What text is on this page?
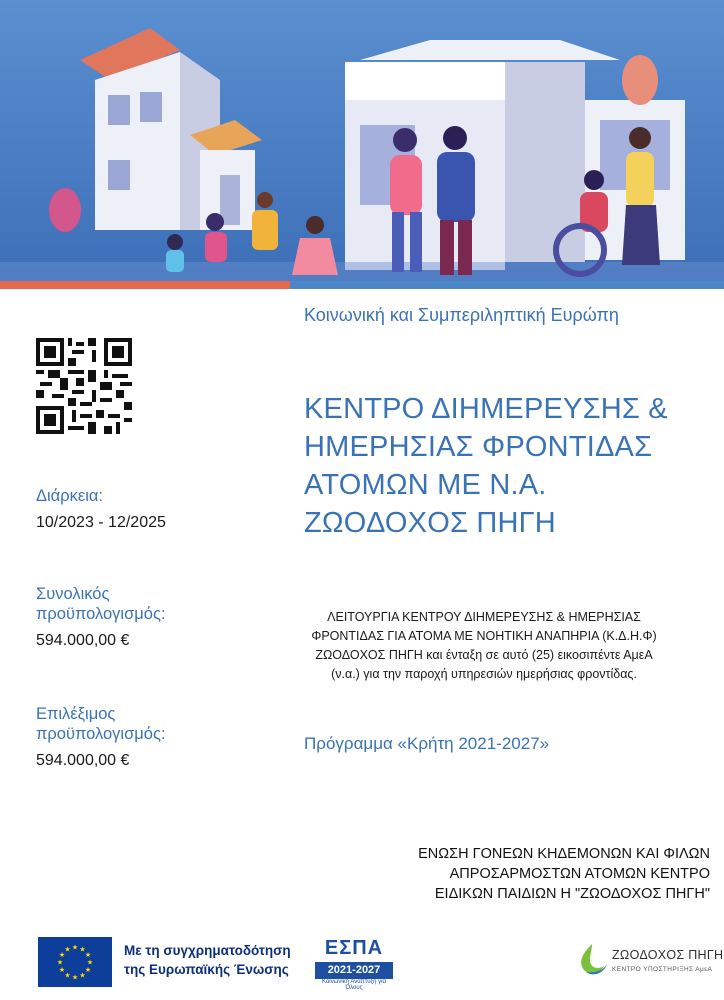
Κοινωνική και Συμπεριληπτική Ευρώπη
ΚΕΝΤΡΟ ΔΙΗΜΕΡΕΥΣΗΣ & ΗΜΕΡΗΣΙΑΣ ΦΡΟΝΤΙΔΑΣ ΑΤΟΜΩΝ ΜΕ Ν.Α. ΖΩΟΔΟΧΟΣ ΠΗΓΗ
ΛΕΙΤΟΥΡΓΙΑ ΚΕΝΤΡΟΥ ΔΙΗΜΕΡΕΥΣΗΣ & ΗΜΕΡΗΣΙΑΣ ΦΡΟΝΤΙΔΑΣ ΓΙΑ ΑΤΟΜΑ ΜΕ ΝΟΗΤΙΚΗ ΑΝΑΠΗΡΙΑ (Κ.Δ.Η.Φ) ΖΩΟΔΟΧΟΣ ΠΗΓΗ και ένταξη σε αυτό (25) εικοσιπέντε ΑμεΑ (ν.α.) για την παροχή υπηρεσιών ημερήσιας φροντίδας.
Πρόγραμμα «Κρήτη 2021-2027»
Διάρκεια:
10/2023 - 12/2025
Συνολικός προϋπολογισμός:
594.000,00 €
Επιλέξιμος προϋπολογισμός:
594.000,00 €
ΕΝΩΣΗ ΓΟΝΕΩΝ ΚΗΔΕΜΟΝΩΝ ΚΑΙ ΦΙΛΩΝ ΑΠΡΟΣΑΡΜΟΣΤΩΝ ΑΤΟΜΩΝ ΚΕΝΤΡΟ ΕΙΔΙΚΩΝ ΠΑΙΔΙΩΝ Η "ΖΩΟΔΟΧΟΣ ΠΗΓΗ"
★ ★
★
★
★
★
★
★
★
★
★
★	Με τη συγχρηματοδότηση
της Ευρωπαϊκής Ένωσης
ΕΣΠΑ
2021-2027
Κοινωνική Ανάπτυξη για Όλους
ΖΩΟΔΟΧΟΣ ΠΗΓΗ
ΚΕΝΤΡΟ ΥΠΟΣΤΗΡΙΞΗΣ ΑμεΑ
